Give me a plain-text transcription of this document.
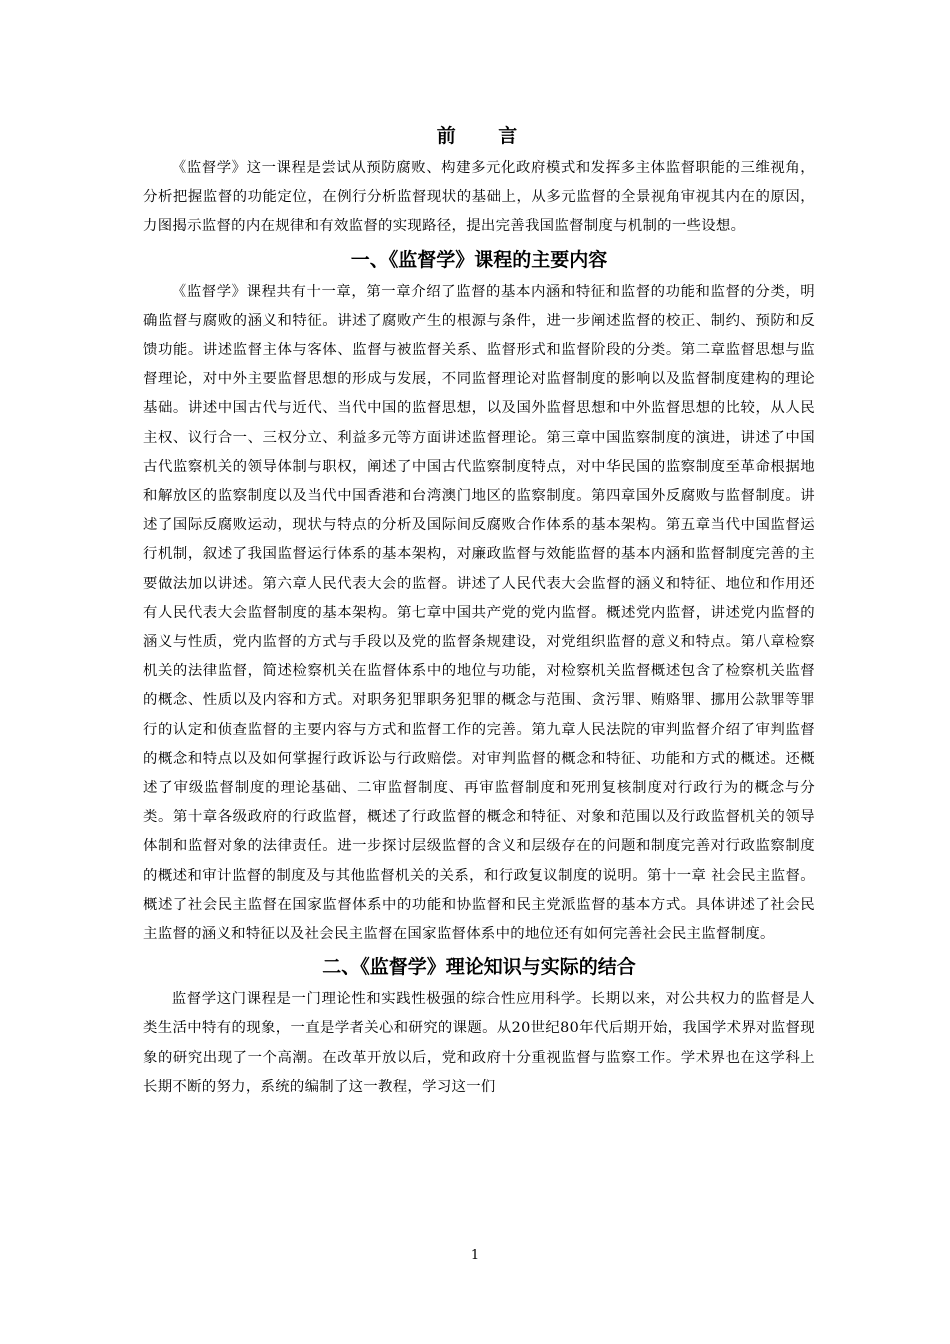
前 言

《监督学》这一课程是尝试从预防腐败、构建多元化政府模式和发挥多主体监督职能的三维视角，分析把握监督的功能定位，在例行分析监督现状的基础上，从多元监督的全景视角审视其内在的原因，力图揭示监督的内在规律和有效监督的实现路径，提出完善我国监督制度与机制的一些设想。

一、《监督学》课程的主要内容

《监督学》课程共有十一章，第一章介绍了监督的基本内涵和特征和监督的功能和监督的分类，明确监督与腐败的涵义和特征。讲述了腐败产生的根源与条件，进一步阐述监督的校正、制约、预防和反馈功能。讲述监督主体与客体、监督与被监督关系、监督形式和监督阶段的分类。第二章监督思想与监督理论，对中外主要监督思想的形成与发展，不同监督理论对监督制度的影响以及监督制度建构的理论基础。讲述中国古代与近代、当代中国的监督思想，以及国外监督思想和中外监督思想的比较，从人民主权、议行合一、三权分立、利益多元等方面讲述监督理论。第三章中国监察制度的演进，讲述了中国古代监察机关的领导体制与职权，阐述了中国古代监察制度特点，对中华民国的监察制度至革命根据地和解放区的监察制度以及当代中国香港和台湾澳门地区的监察制度。第四章国外反腐败与监督制度。讲述了国际反腐败运动，现状与特点的分析及国际间反腐败合作体系的基本架构。第五章当代中国监督运行机制，叙述了我国监督运行体系的基本架构，对廉政监督与效能监督的基本内涵和监督制度完善的主要做法加以讲述。第六章人民代表大会的监督。讲述了人民代表大会监督的涵义和特征、地位和作用还有人民代表大会监督制度的基本架构。第七章中国共产党的党内监督。概述党内监督，讲述党内监督的涵义与性质，党内监督的方式与手段以及党的监督条规建设，对党组织监督的意义和特点。第八章检察机关的法律监督，简述检察机关在监督体系中的地位与功能，对检察机关监督概述包含了检察机关监督的概念、性质以及内容和方式。对职务犯罪职务犯罪的概念与范围、贪污罪、贿赂罪、挪用公款罪等罪行的认定和侦查监督的主要内容与方式和监督工作的完善。第九章人民法院的审判监督介绍了审判监督的概念和特点以及如何掌握行政诉讼与行政赔偿。对审判监督的概念和特征、功能和方式的概述。还概述了审级监督制度的理论基础、二审监督制度、再审监督制度和死刑复核制度对行政行为的概念与分类。第十章各级政府的行政监督，概述了行政监督的概念和特征、对象和范围以及行政监督机关的领导体制和监督对象的法律责任。进一步探讨层级监督的含义和层级存在的问题和制度完善对行政监察制度的概述和审计监督的制度及与其他监督机关的关系，和行政复议制度的说明。第十一章 社会民主监督。概述了社会民主监督在国家监督体系中的功能和协监督和民主党派监督的基本方式。具体讲述了社会民主监督的涵义和特征以及社会民主监督在国家监督体系中的地位还有如何完善社会民主监督制度。

二、《监督学》理论知识与实际的结合

监督学这门课程是一门理论性和实践性极强的综合性应用科学。长期以来，对公共权力的监督是人类生活中特有的现象，一直是学者关心和研究的课题。从20世纪80年代后期开始，我国学术界对监督现象的研究出现了一个高潮。在改革开放以后，党和政府十分重视监督与监察工作。学术界也在这学科上长期不断的努力，系统的编制了这一教程，学习这一们

1
